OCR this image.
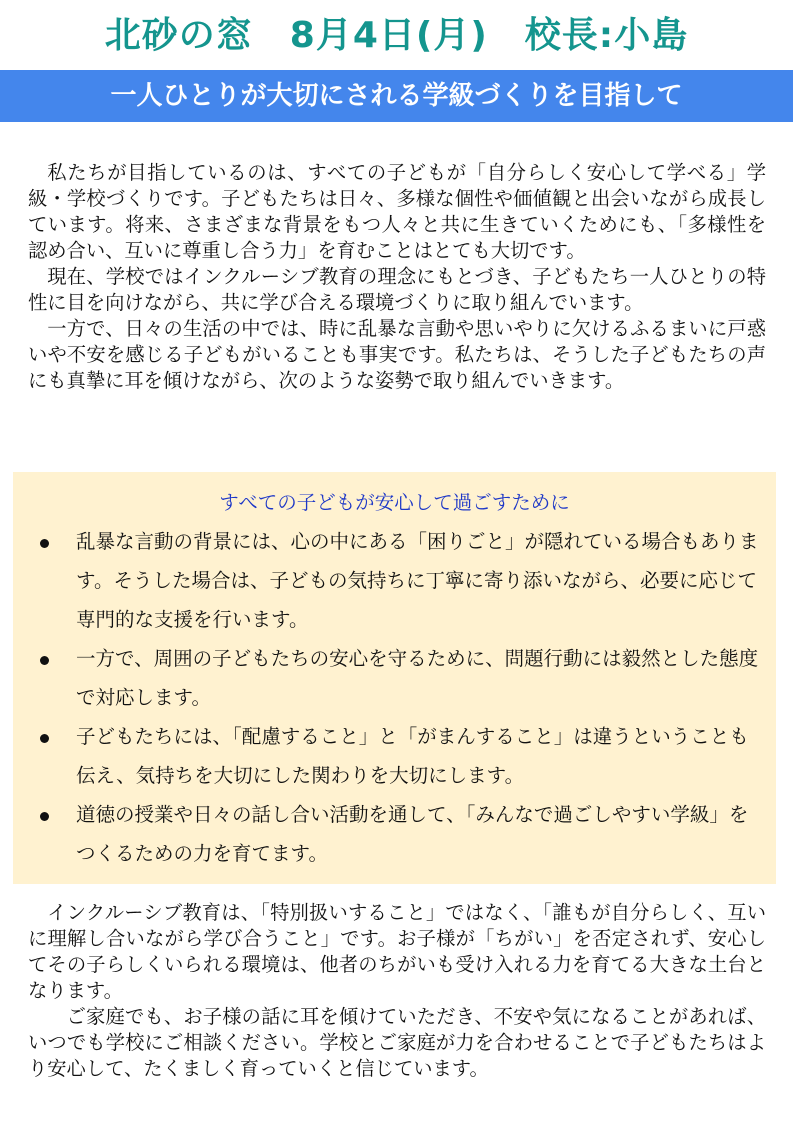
北砂の窓　8月4日(月)　校長:小島
一人ひとりが大切にされる学級づくりを目指して

私たちが目指しているのは、すべての子どもが「自分らしく安心して学べる」学級・学校づくりです。子どもたちは日々、多様な個性や価値観と出会いながら成長しています。将来、さまざまな背景をもつ人々と共に生きていくためにも、「多様性を認め合い、互いに尊重し合う力」を育むことはとても大切です。

現在、学校ではインクルーシブ教育の理念にもとづき、子どもたち一人ひとりの特性に目を向けながら、共に学び合える環境づくりに取り組んでいます。

一方で、日々の生活の中では、時に乱暴な言動や思いやりに欠けるふるまいに戸惑いや不安を感じる子どもがいることも事実です。私たちは、そうした子どもたちの声にも真摯に耳を傾けながら、次のような姿勢で取り組んでいきます。

すべての子どもが安心して過ごすために
乱暴な言動の背景には、心の中にある「困りごと」が隠れている場合もあります。そうした場合は、子どもの気持ちに丁寧に寄り添いながら、必要に応じて専門的な支援を行います。
一方で、周囲の子どもたちの安心を守るために、問題行動には毅然とした態度で対応します。
子どもたちには、「配慮すること」と「がまんすること」は違うということも伝え、気持ちを大切にした関わりを大切にします。
道徳の授業や日々の話し合い活動を通して、「みんなで過ごしやすい学級」をつくるための力を育てます。

インクルーシブ教育は、「特別扱いすること」ではなく、「誰もが自分らしく、互いに理解し合いながら学び合うこと」です。お子様が「ちがい」を否定されず、安心してその子らしくいられる環境は、他者のちがいも受け入れる力を育てる大きな土台となります。

ご家庭でも、お子様の話に耳を傾けていただき、不安や気になることがあれば、いつでも学校にご相談ください。学校とご家庭が力を合わせることで子どもたちはより安心して、たくましく育っていくと信じています。
